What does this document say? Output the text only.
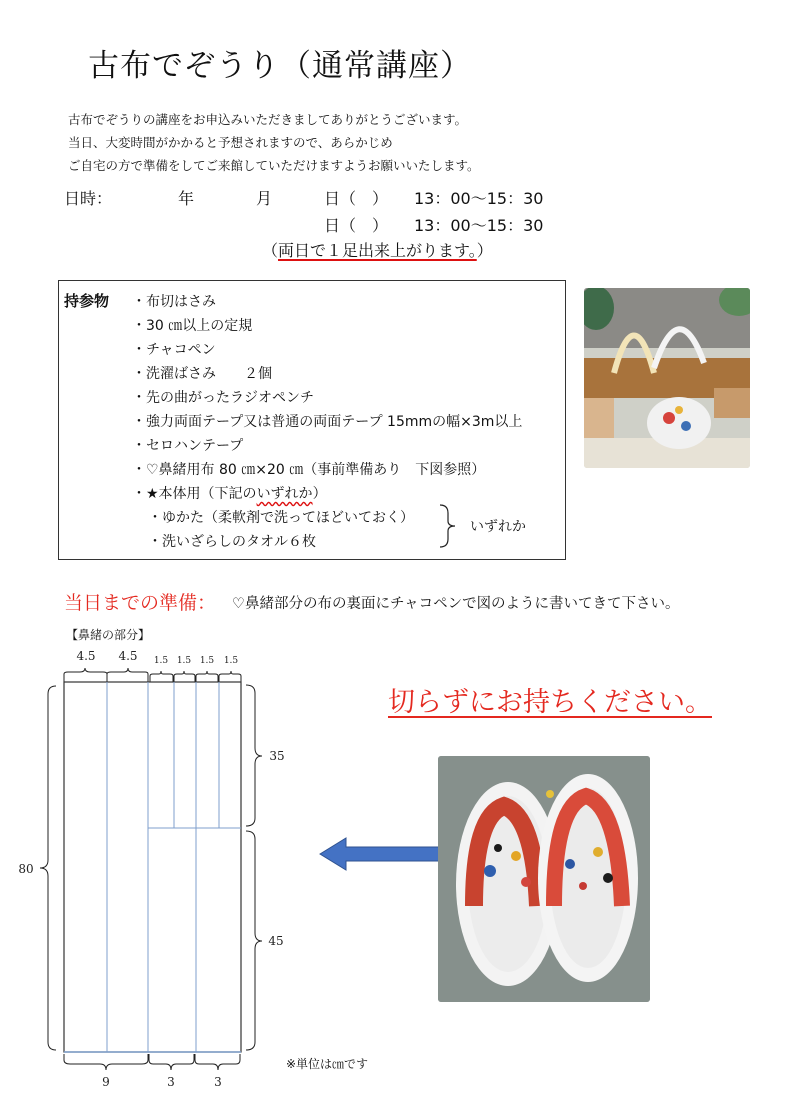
古布でぞうり（通常講座）
古布でぞうりの講座をお申込みいただきましてありがとうございます。
当日、大変時間がかかると予想されますので、あらかじめ
ご自宅の方で準備をしてご来館していただけますようお願いいたします。
日時：	年	月	日（　） 13：00～15：30
日（　） 13：00～15：30
（両日で１足出来上がります。）
持参物 ・布切はさみ
・30 ㎝以上の定規
・チャコペン
・洗濯ばさみ　　２個
・先の曲がったラジオペンチ
・強力両面テープ又は普通の両面テープ 15mmの幅×3m以上
・セロハンテープ
・♡鼻緒用布 80 ㎝×20 ㎝（事前準備あり　下図参照）
・★本体用（下記のいずれか）
・ゆかた（柔軟剤で洗ってほどいておく）
・洗いざらしのタオル６枚
いずれか
当日までの準備： ♡鼻緒部分の布の裏面にチャコペンで図のように書いてきて下さい。
【鼻緒の部分】
4.5 4.5 1.5 1.5 1.5 1.5
80
35
45
9	3	3
※単位は㎝です
切らずにお持ちください。
